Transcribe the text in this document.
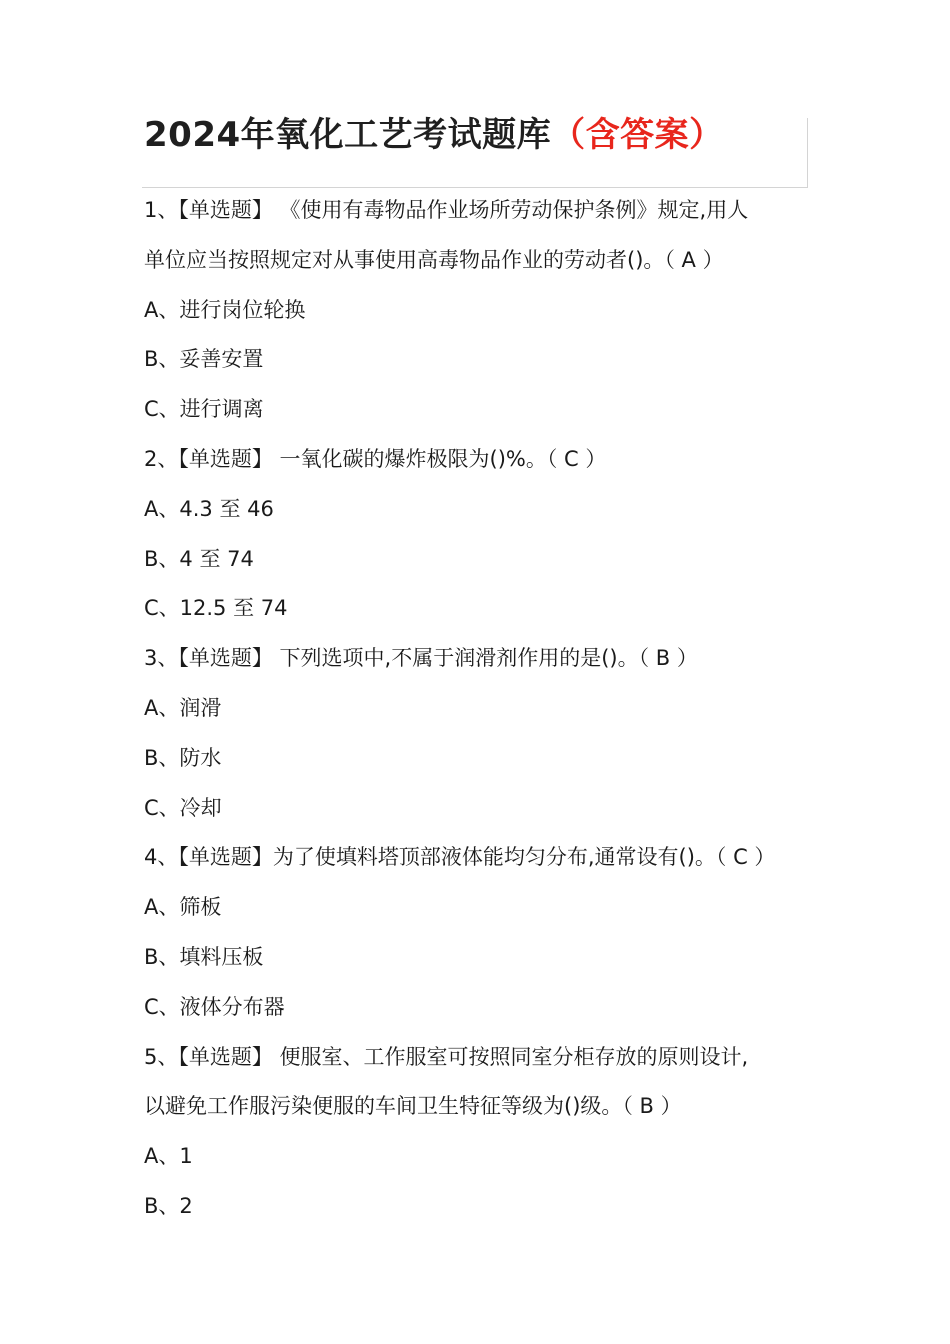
2024年氧化工艺考试题库（含答案）
1、【单选题】 《使用有毒物品作业场所劳动保护条例》规定,用人
单位应当按照规定对从事使用高毒物品作业的劳动者()。（ A ）
A、进行岗位轮换
B、妥善安置
C、进行调离
2、【单选题】 一氧化碳的爆炸极限为()%。（ C ）
A、4.3 至 46
B、4 至 74
C、12.5 至 74
3、【单选题】 下列选项中,不属于润滑剂作用的是()。（ B ）
A、润滑
B、防水
C、冷却
4、【单选题】为了使填料塔顶部液体能均匀分布,通常设有()。（ C ）
A、筛板
B、填料压板
C、液体分布器
5、【单选题】 便服室、工作服室可按照同室分柜存放的原则设计,
以避免工作服污染便服的车间卫生特征等级为()级。（ B ）
A、1
B、2
